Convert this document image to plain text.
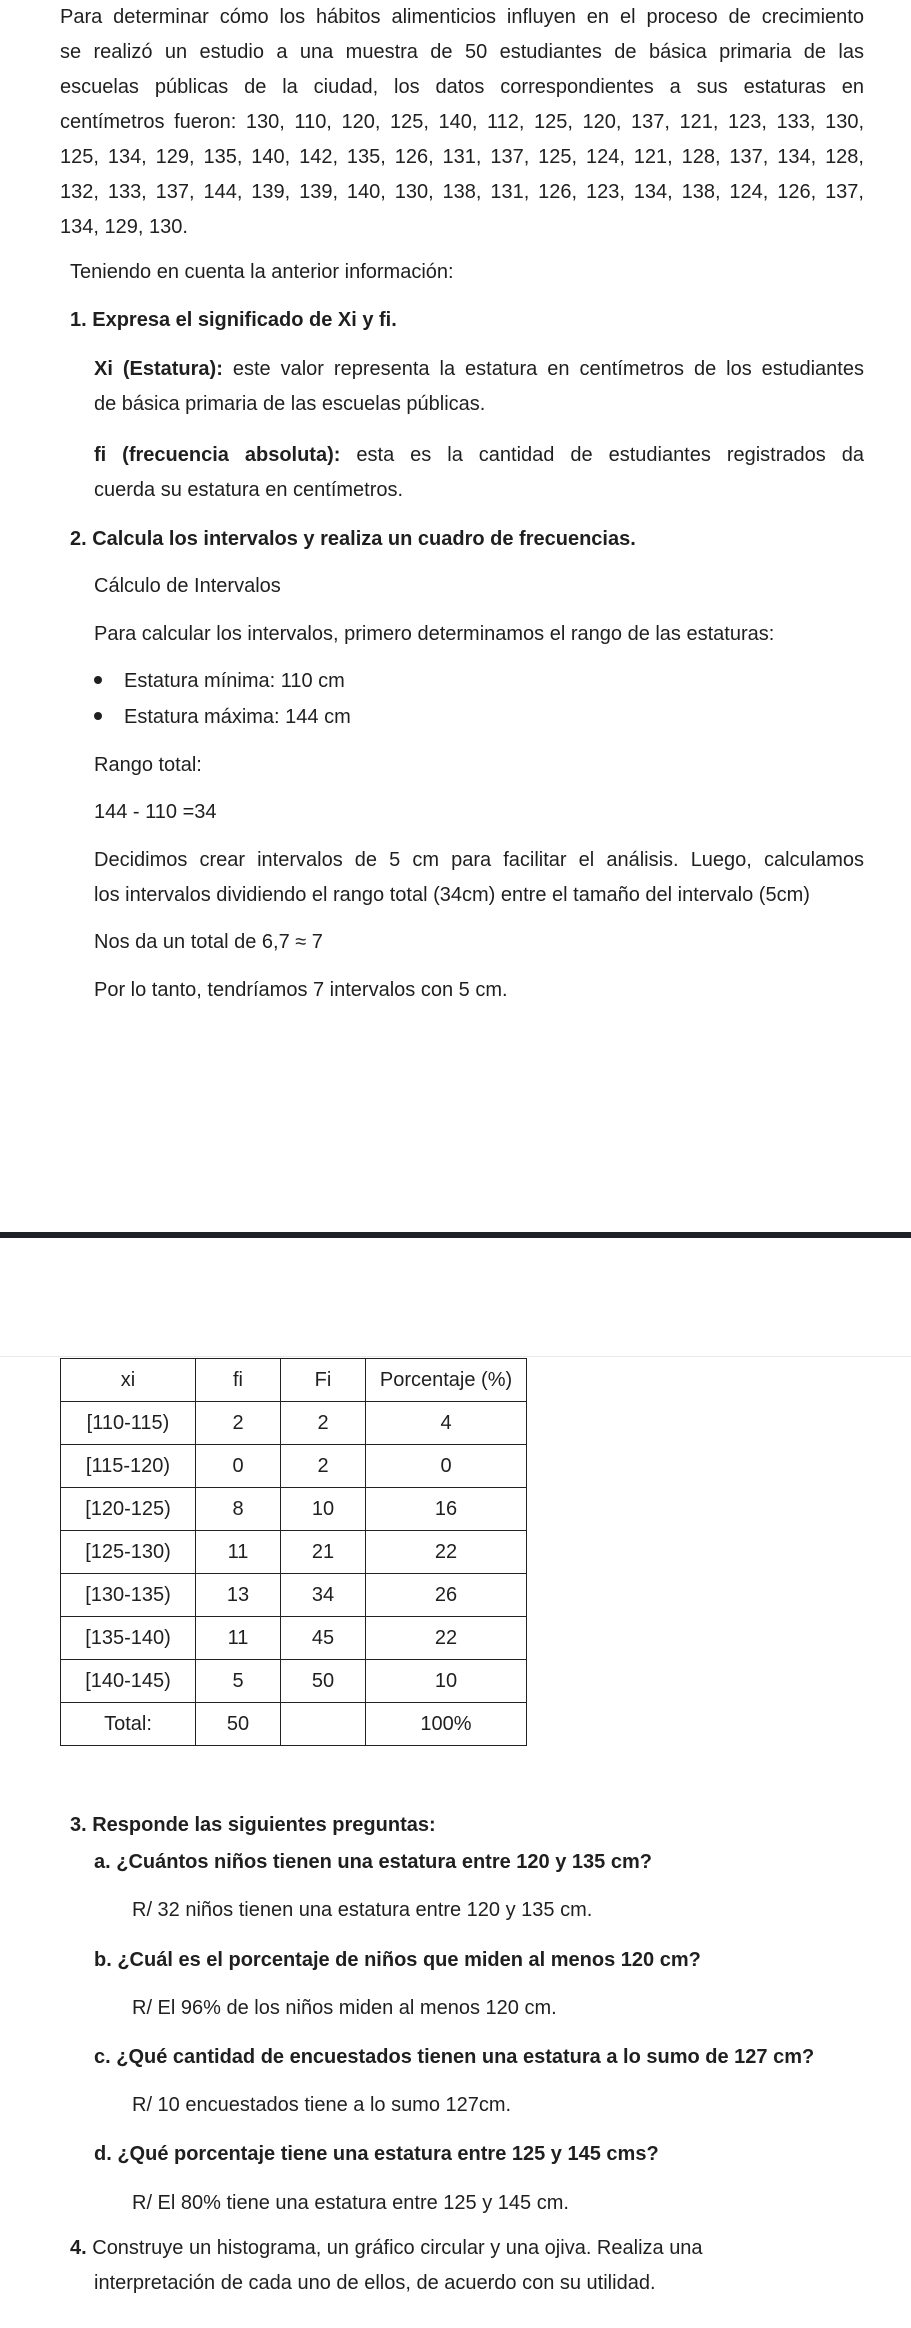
Para determinar cómo los hábitos alimenticios influyen en el proceso de crecimiento

se realizó un estudio a una muestra de 50 estudiantes de básica primaria de las

escuelas públicas de la ciudad, los datos correspondientes a sus estaturas en

centímetros fueron: 130, 110, 120, 125, 140, 112, 125, 120, 137, 121, 123, 133, 130,

125, 134, 129, 135, 140, 142, 135, 126, 131, 137, 125, 124, 121, 128, 137, 134, 128,

132, 133, 137, 144, 139, 139, 140, 130, 138, 131, 126, 123, 134, 138, 124, 126, 137,

134, 129, 130.

Teniendo en cuenta la anterior información:
1. Expresa el significado de Xi y fi.

Xi (Estatura): este valor representa la estatura en centímetros de los estudiantes

de básica primaria de las escuelas públicas.

fi (frecuencia absoluta): esta es la cantidad de estudiantes registrados da

cuerda su estatura en centímetros.

2. Calcula los intervalos y realiza un cuadro de frecuencias.
Cálculo de Intervalos
Para calcular los intervalos, primero determinamos el rango de las estaturas:
Estatura mínima: 110 cm
Estatura máxima: 144 cm
Rango total:
144 - 110 =34

Decidimos crear intervalos de 5 cm para facilitar el análisis. Luego, calculamos

los intervalos dividiendo el rango total (34cm) entre el tamaño del intervalo (5cm)

Nos da un total de 6,7 ≈ 7
Por lo tanto, tendríamos 7 intervalos con 5 cm.
xi	fi	Fi	Porcentaje (%)
[110-115)	2	2	4
[115-120)	0	2	0
[120-125)	8	10	16
[125-130)	11	21	22
[130-135)	13	34	26
[135-140)	11	45	22
[140-145)	5	50	10
Total:	50		100%
3. Responde las siguientes preguntas:
a. ¿Cuántos niños tienen una estatura entre 120 y 135 cm?
R/ 32 niños tienen una estatura entre 120 y 135 cm.
b. ¿Cuál es el porcentaje de niños que miden al menos 120 cm?
R/ El 96% de los niños miden al menos 120 cm.
c. ¿Qué cantidad de encuestados tienen una estatura a lo sumo de 127 cm?
R/ 10 encuestados tiene a lo sumo 127cm.
d. ¿Qué porcentaje tiene una estatura entre 125 y 145 cms?
R/ El 80% tiene una estatura entre 125 y 145 cm.

4. Construye un histograma, un gráfico circular y una ojiva. Realiza una

interpretación de cada uno de ellos, de acuerdo con su utilidad.
